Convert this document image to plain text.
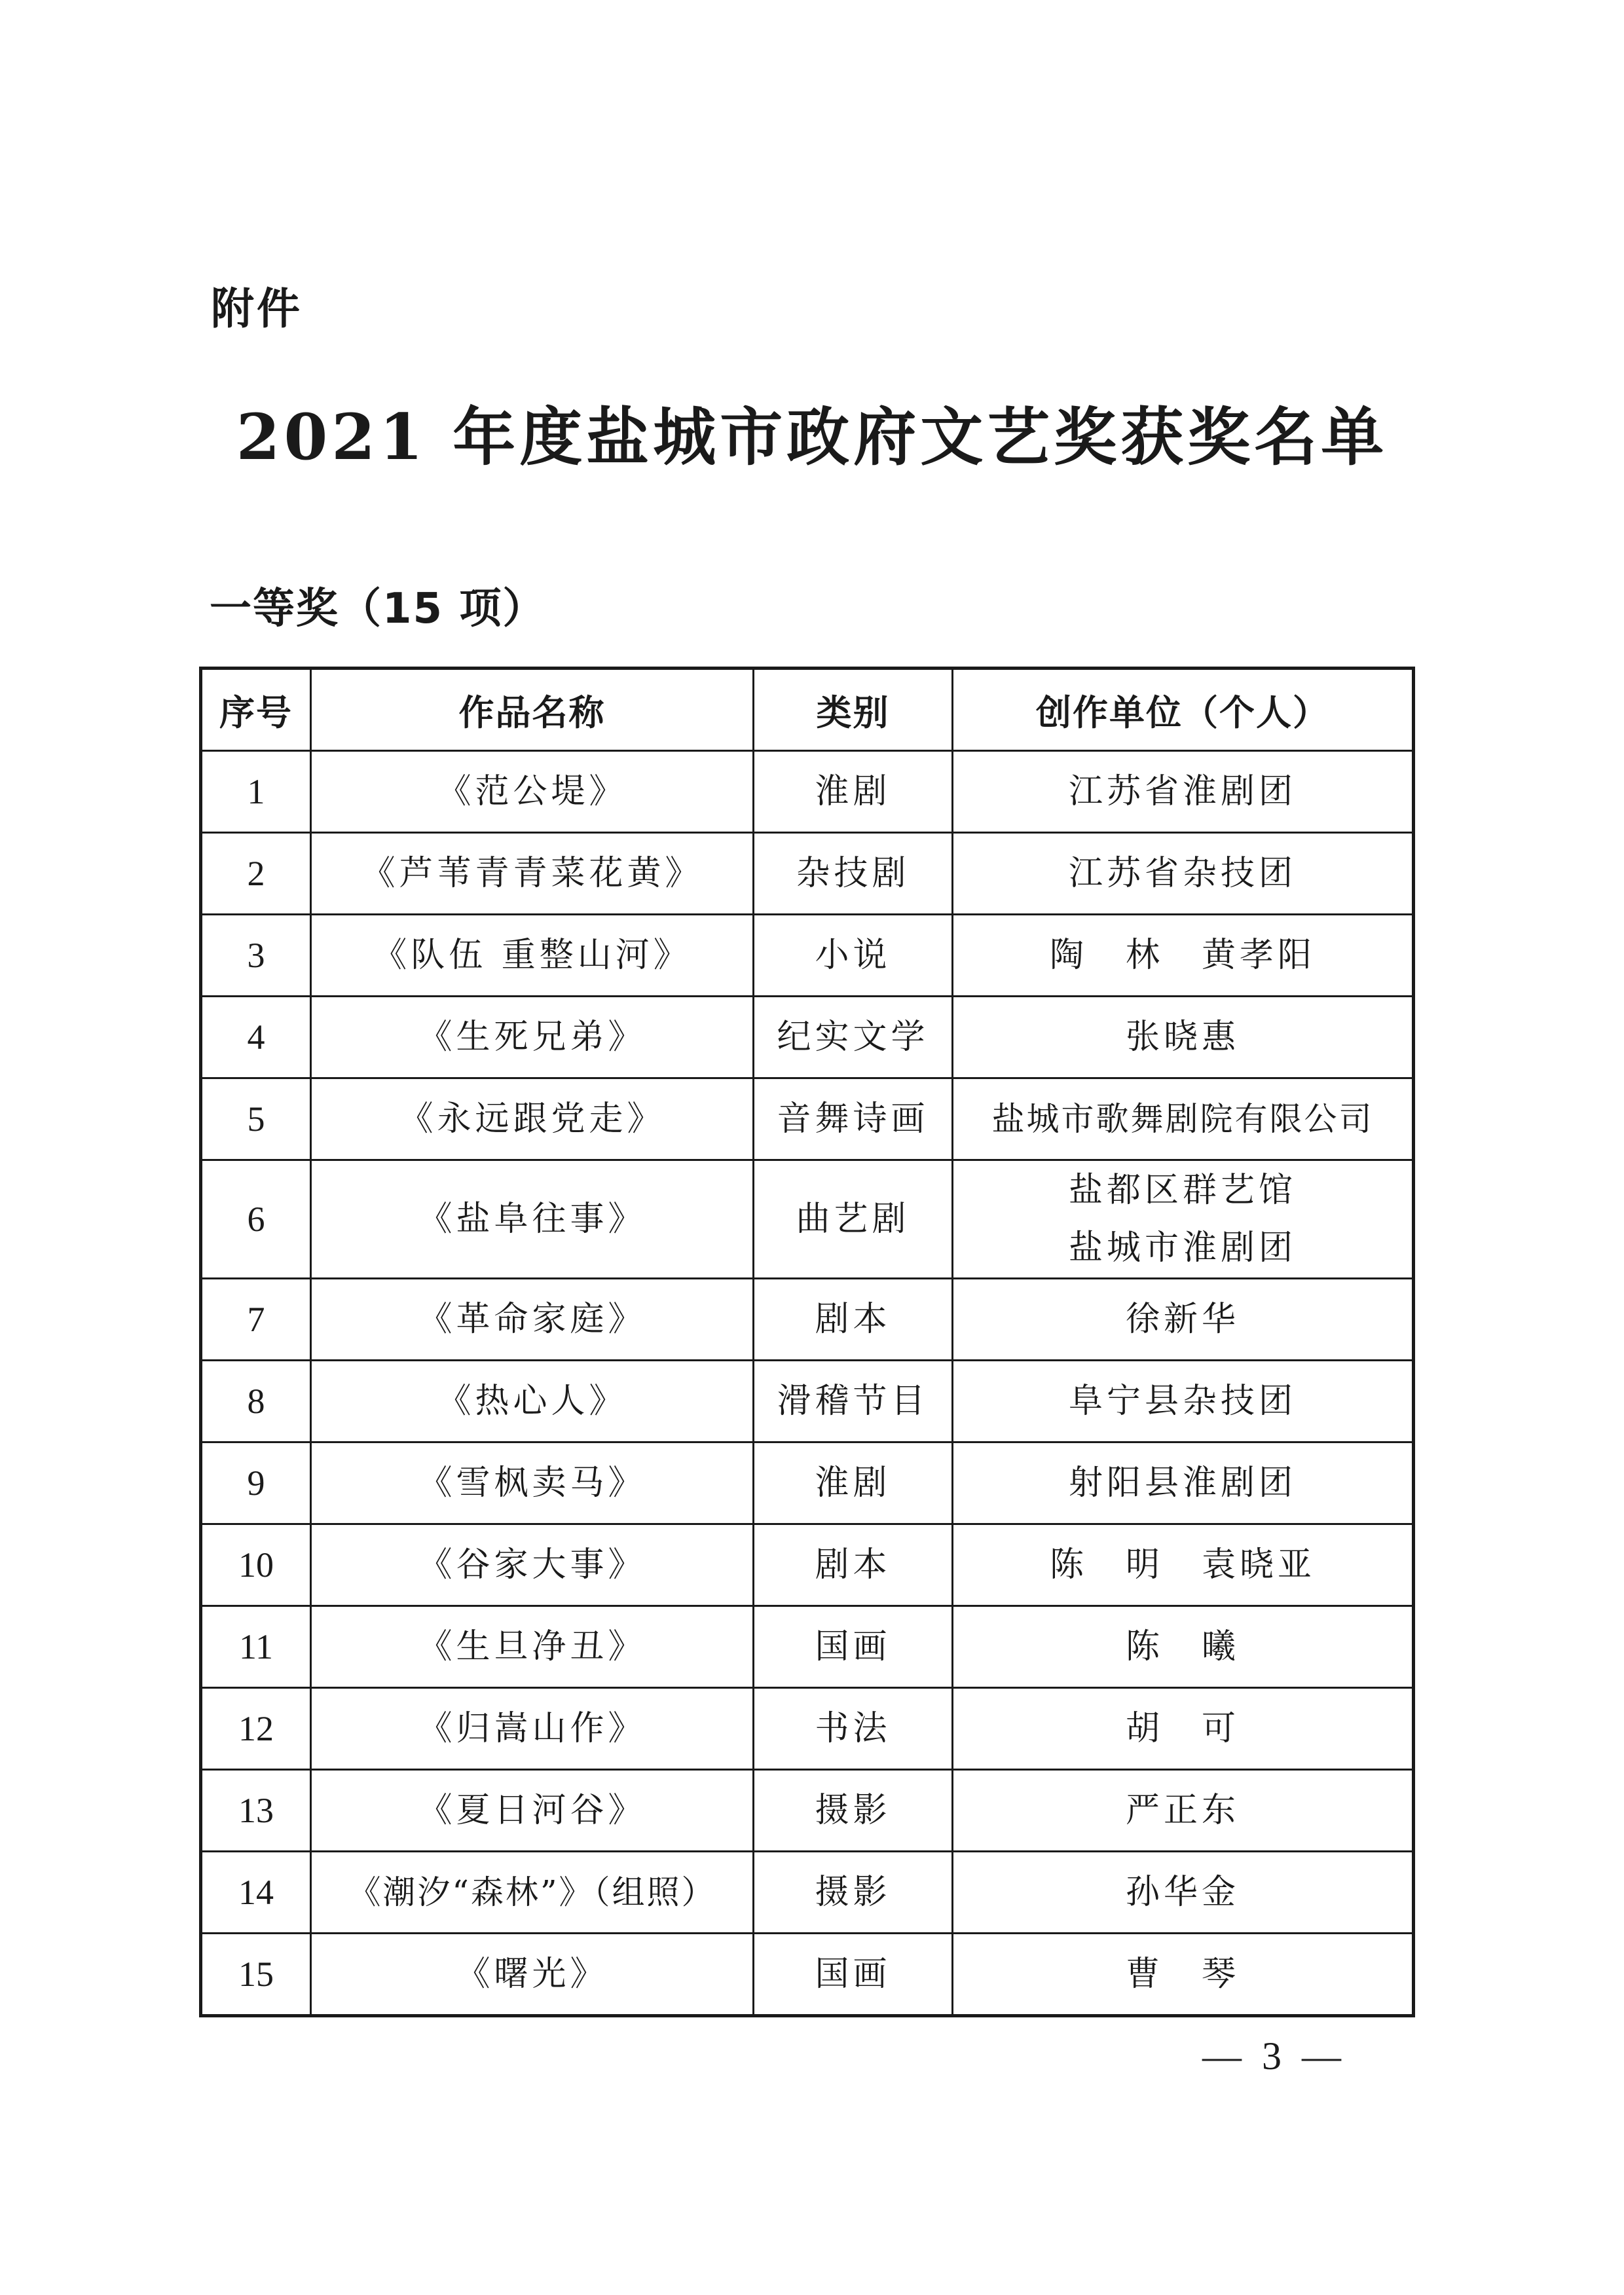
附件
2021 年度盐城市政府文艺奖获奖名单
一等奖（15 项）
序号	作品名称	类别	创作单位（个人）
1	《范公堤》	淮剧	江苏省淮剧团

2	《芦苇青青菜花黄》	杂技剧	江苏省杂技团

3	《队伍 重整山河》	小说	陶　林　黄孝阳

4	《生死兄弟》	纪实文学	张晓惠

5	《永远跟党走》	音舞诗画	盐城市歌舞剧院有限公司

6	《盐阜往事》	曲艺剧	盐都区群艺馆
盐城市淮剧团

7	《革命家庭》	剧本	徐新华

8	《热心人》	滑稽节目	阜宁县杂技团

9	《雪枫卖马》	淮剧	射阳县淮剧团

10	《谷家大事》	剧本	陈　明　袁晓亚

11	《生旦净丑》	国画	陈　曦

12	《归嵩山作》	书法	胡　可

13	《夏日河谷》	摄影	严正东

14	《潮汐“森林”》（组照）	摄影	孙华金

15	《曙光》	国画	曹　琴
— 3 —
